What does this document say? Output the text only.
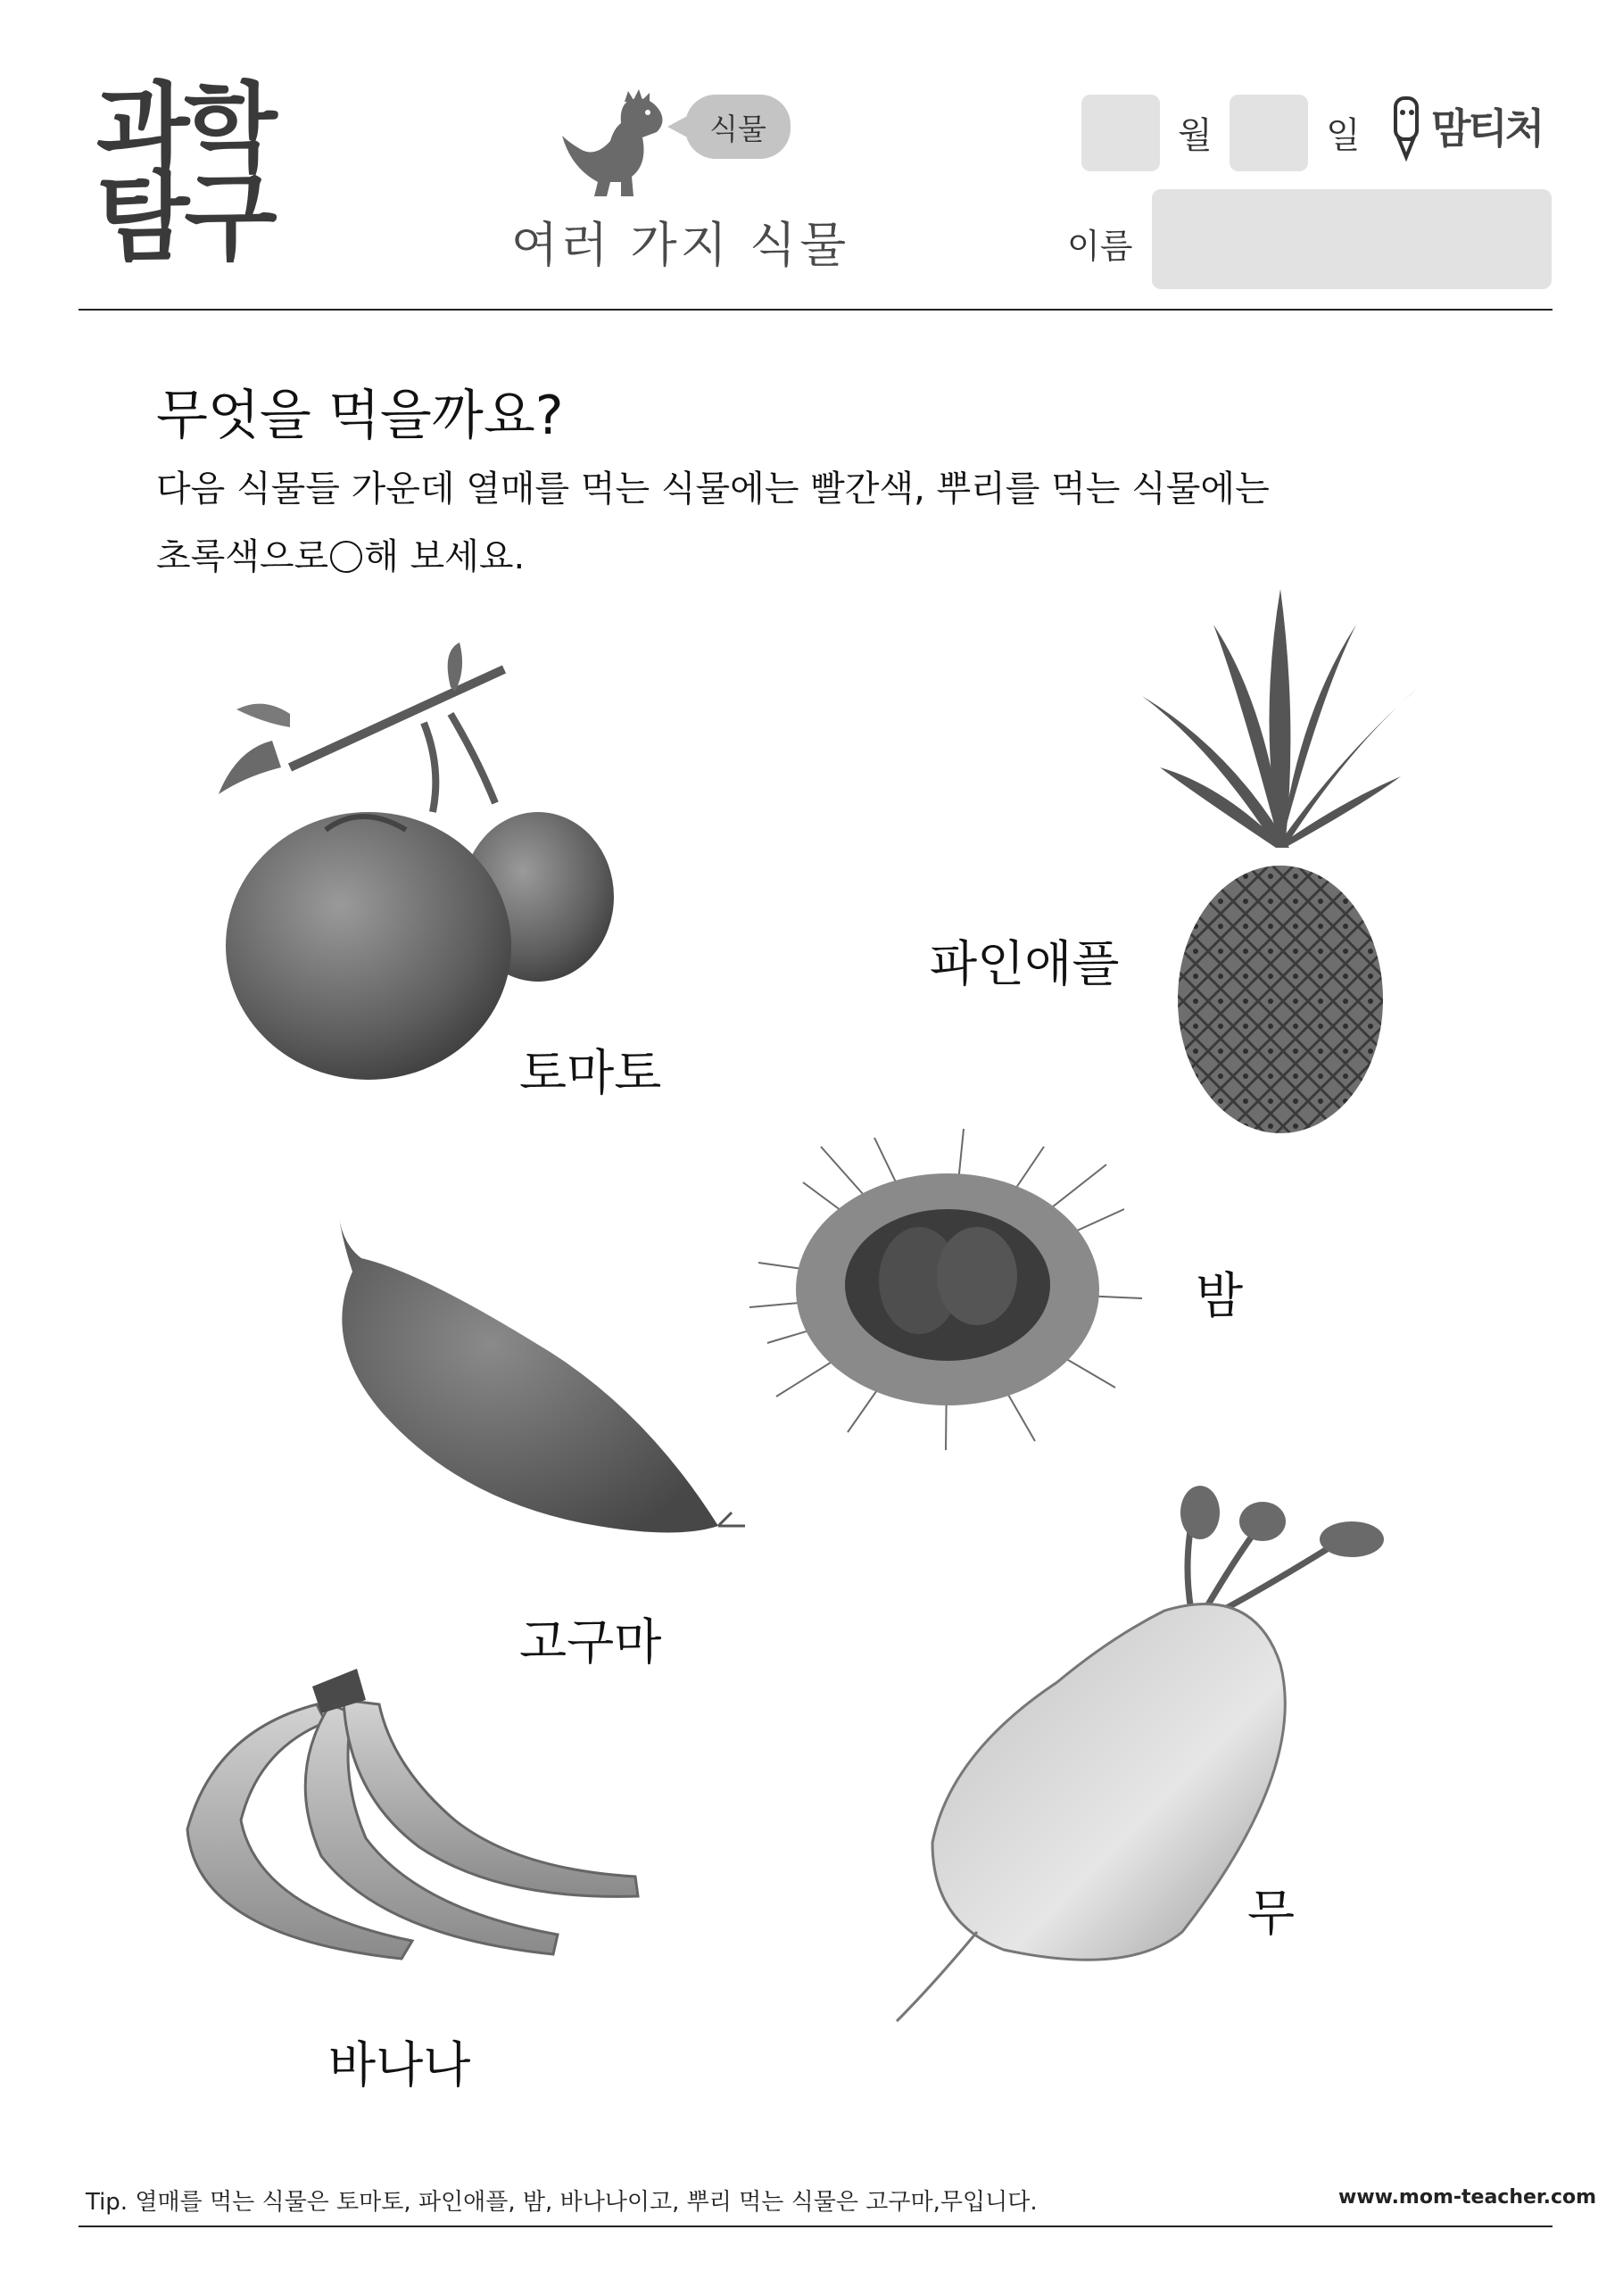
과학
탐구
식물
여러 가지 식물
월	일 맘티처
이름
무엇을 먹을까요?
다음 식물들 가운데 열매를 먹는 식물에는 빨간색, 뿌리를 먹는 식물에는
초록색으로 해 보세요.
토마토
파인애플
밤
고구마
바나나
무
Tip. 열매를 먹는 식물은 토마토, 파인애플, 밤, 바나나이고, 뿌리 먹는 식물은 고구마,무입니다.	www.mom-teacher.com
